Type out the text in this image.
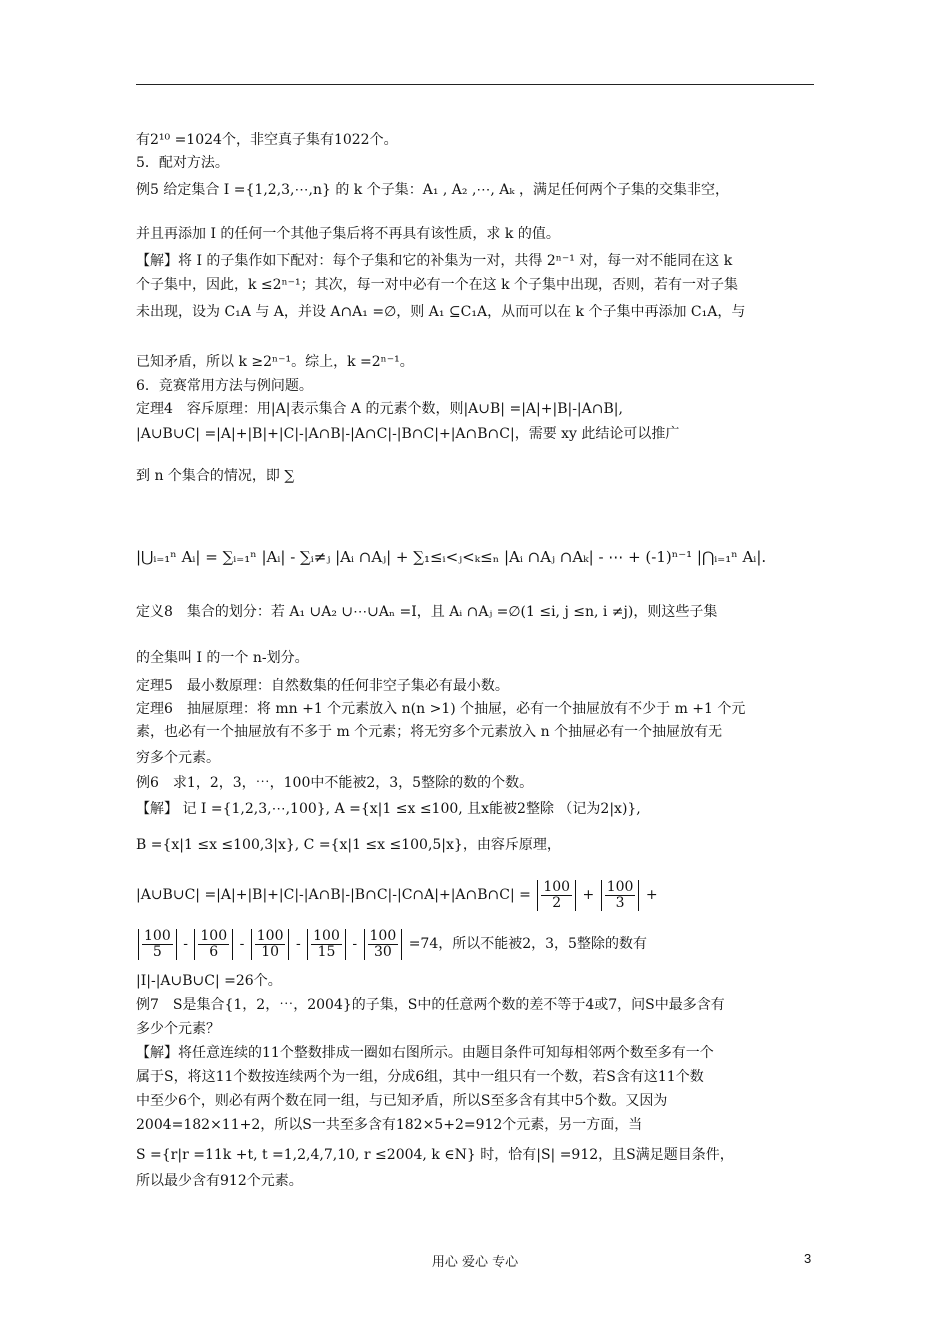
有2¹⁰ =1024个，非空真子集有1022个。
5．配对方法。
例5 给定集合 I ={1,2,3,⋯,n} 的 k 个子集：A₁ , A₂ ,⋯, Aₖ ，满足任何两个子集的交集非空，
并且再添加 I 的任何一个其他子集后将不再具有该性质，求 k 的值。
【解】将 I 的子集作如下配对：每个子集和它的补集为一对，共得 2ⁿ⁻¹ 对，每一对不能同在这 k
个子集中，因此，k ≤2ⁿ⁻¹；其次，每一对中必有一个在这 k 个子集中出现，否则，若有一对子集
未出现，设为 C₁A 与 A，并设 A∩A₁ =∅，则 A₁ ⊆C₁A，从而可以在 k 个子集中再添加 C₁A，与
已知矛盾，所以 k ≥2ⁿ⁻¹。综上，k =2ⁿ⁻¹。
6．竞赛常用方法与例问题。
定理4　容斥原理：用|A|表示集合 A 的元素个数，则|A∪B| =|A|+|B|-|A∩B|,
|A∪B∪C| =|A|+|B|+|C|-|A∩B|-|A∩C|-|B∩C|+|A∩B∩C|，需要 xy 此结论可以推广
到 n 个集合的情况，即 ∑
|⋃ᵢ₌₁ⁿ Aᵢ| = ∑ᵢ₌₁ⁿ |Aᵢ| - ∑ᵢ≠ⱼ |Aᵢ ∩Aⱼ| + ∑₁≤ᵢ<ⱼ<ₖ≤ₙ |Aᵢ ∩Aⱼ ∩Aₖ| - ⋯ + (-1)ⁿ⁻¹ |⋂ᵢ₌₁ⁿ Aᵢ|.
定义8　集合的划分：若 A₁ ∪A₂ ∪⋯∪Aₙ =I，且 Aᵢ ∩Aⱼ =∅(1 ≤i, j ≤n, i ≠j)，则这些子集
的全集叫 I 的一个 n-划分。
定理5　最小数原理：自然数集的任何非空子集必有最小数。
定理6　抽屉原理：将 mn +1 个元素放入 n(n >1) 个抽屉，必有一个抽屉放有不少于 m +1 个元
素，也必有一个抽屉放有不多于 m 个元素；将无穷多个元素放入 n 个抽屉必有一个抽屉放有无
穷多个元素。
例6　求1，2，3，⋯，100中不能被2，3，5整除的数的个数。
【解】 记 I ={1,2,3,⋯,100}, A ={x|1 ≤x ≤100, 且x能被2整除 （记为2|x)},
B ={x|1 ≤x ≤100,3|x}, C ={x|1 ≤x ≤100,5|x}，由容斥原理，
|A∪B∪C| =|A|+|B|+|C|-|A∩B|-|B∩C|-|C∩A|+|A∩B∩C| = $\frac{100}{2} + \frac{100}{3}$ +
$\frac{100}{5} - \frac{100}{6} - \frac{100}{10} - \frac{100}{15} - \frac{100}{30} =74$，所以不能被2，3，5整除的数有
|I|-|A∪B∪C| =26个。
例7　S是集合{1，2，⋯，2004}的子集，S中的任意两个数的差不等于4或7，问S中最多含有
多少个元素？
【解】将任意连续的11个整数排成一圈如右图所示。由题目条件可知每相邻两个数至多有一个
属于S，将这11个数按连续两个为一组，分成6组，其中一组只有一个数，若S含有这11个数
中至少6个，则必有两个数在同一组，与已知矛盾，所以S至多含有其中5个数。又因为
2004=182×11+2，所以S一共至多含有182×5+2=912个元素，另一方面，当
S ={r|r =11k +t, t =1,2,4,7,10, r ≤2004, k ∈N} 时，恰有|S| =912，且S满足题目条件，
所以最少含有912个元素。
用心 爱心 专心	3
